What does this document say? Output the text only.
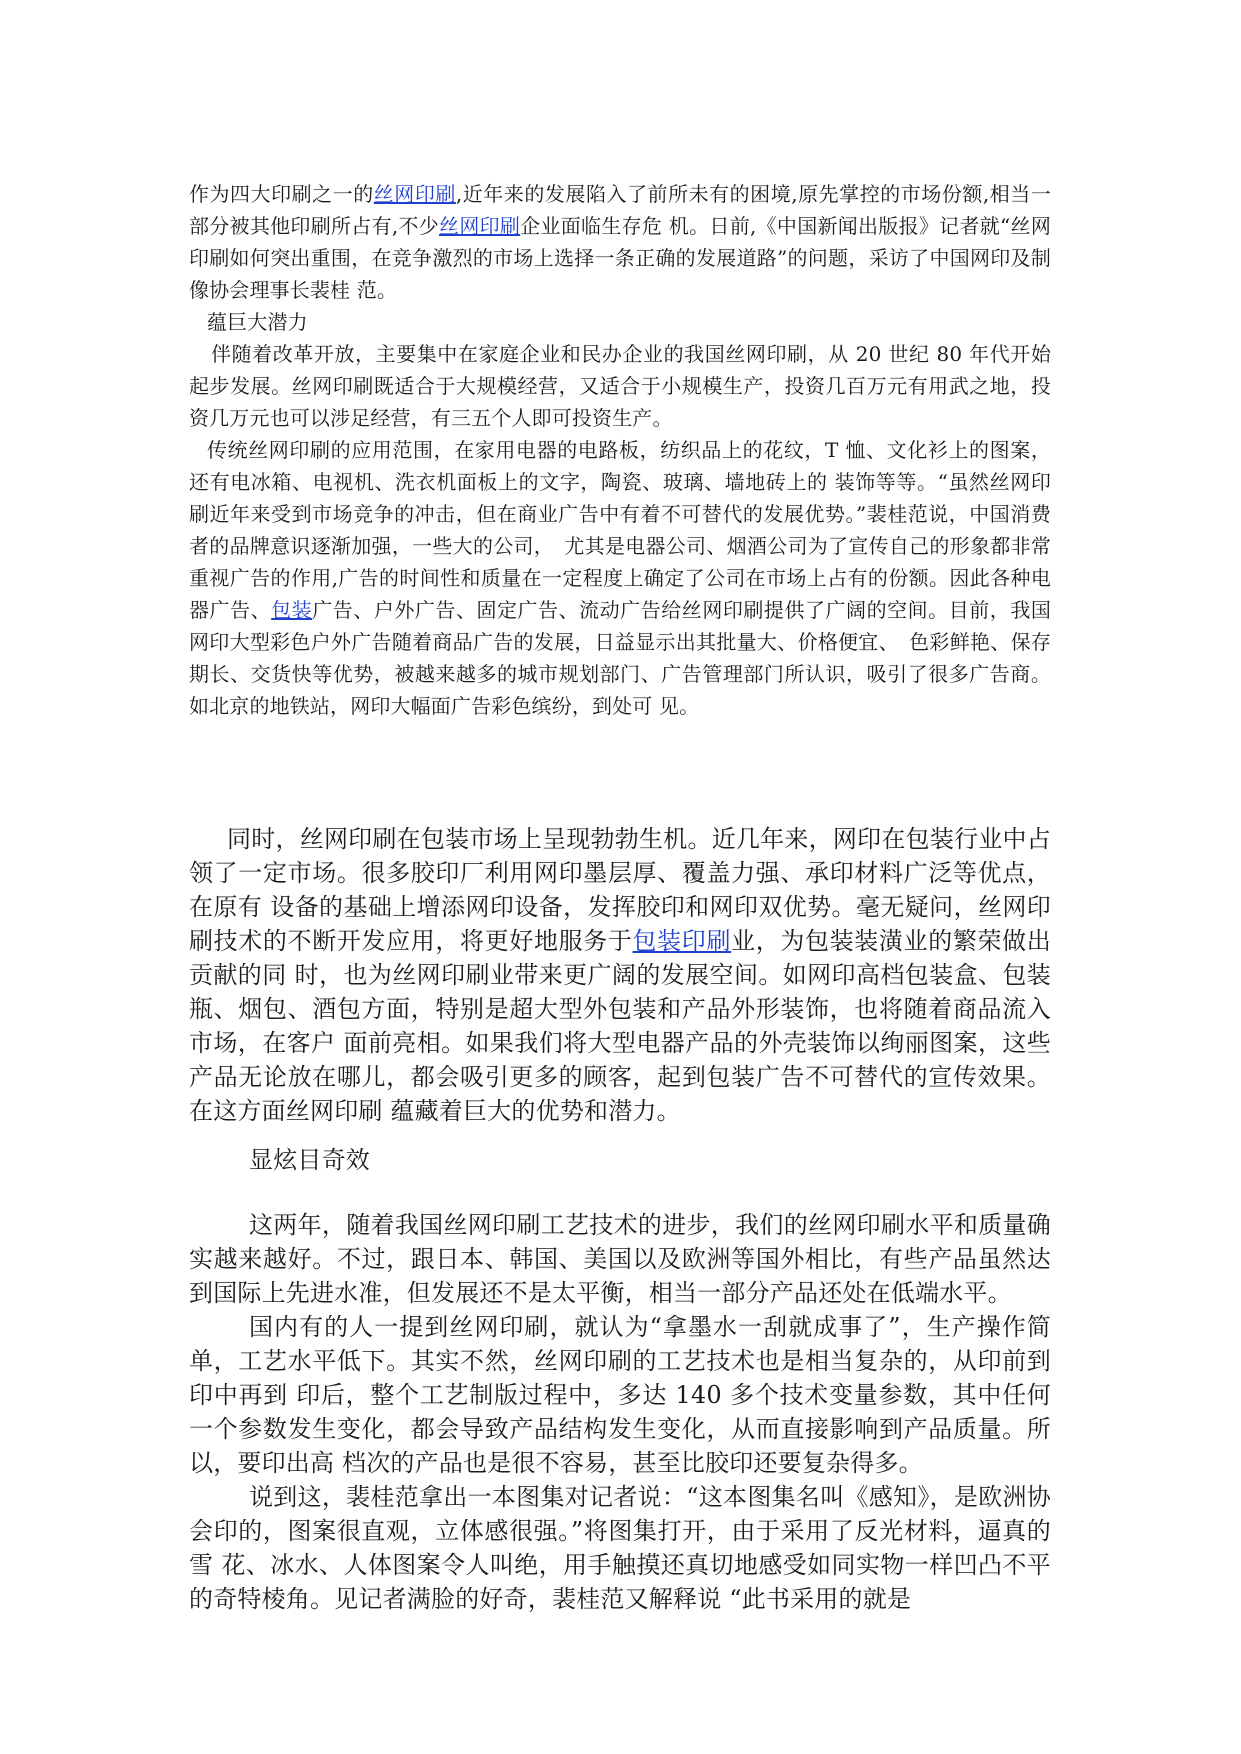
作为四大印刷之一的丝网印刷,近年来的发展陷入了前所未有的困境,原先掌控的市场份额,相当一部分被其他印刷所占有,不少丝网印刷企业面临生存危 机。日前,《中国新闻出版报》记者就“丝网印刷如何突出重围，在竞争激烈的市场上选择一条正确的发展道路”的问题，采访了中国网印及制像协会理事长裴桂 范。

蕴巨大潜力

伴随着改革开放，主要集中在家庭企业和民办企业的我国丝网印刷，从 20 世纪 80 年代开始起步发展。丝网印刷既适合于大规模经营，又适合于小规模生产，投资几百万元有用武之地，投资几万元也可以涉足经营，有三五个人即可投资生产。

传统丝网印刷的应用范围，在家用电器的电路板，纺织品上的花纹，T 恤、文化衫上的图案，还有电冰箱、电视机、洗衣机面板上的文字，陶瓷、玻璃、墙地砖上的 装饰等等。“虽然丝网印刷近年来受到市场竞争的冲击，但在商业广告中有着不可替代的发展优势。”裴桂范说，中国消费者的品牌意识逐渐加强，一些大的公司，　尤其是电器公司、烟酒公司为了宣传自己的形象都非常重视广告的作用,广告的时间性和质量在一定程度上确定了公司在市场上占有的份额。因此各种电器广告、包装广告、户外广告、固定广告、流动广告给丝网印刷提供了广阔的空间。目前，我国网印大型彩色户外广告随着商品广告的发展，日益显示出其批量大、价格便宜、　色彩鲜艳、保存期长、交货快等优势，被越来越多的城市规划部门、广告管理部门所认识，吸引了很多广告商。如北京的地铁站，网印大幅面广告彩色缤纷，到处可 见。

同时，丝网印刷在包装市场上呈现勃勃生机。近几年来，网印在包装行业中占领了一定市场。很多胶印厂利用网印墨层厚、覆盖力强、承印材料广泛等优点，在原有 设备的基础上增添网印设备，发挥胶印和网印双优势。毫无疑问，丝网印刷技术的不断开发应用，将更好地服务于包装印刷业，为包装装潢业的繁荣做出贡献的同 时，也为丝网印刷业带来更广阔的发展空间。如网印高档包装盒、包装瓶、烟包、酒包方面，特别是超大型外包装和产品外形装饰，也将随着商品流入市场，在客户 面前亮相。如果我们将大型电器产品的外壳装饰以绚丽图案，这些产品无论放在哪儿，都会吸引更多的顾客，起到包装广告不可替代的宣传效果。在这方面丝网印刷 蕴藏着巨大的优势和潜力。

显炫目奇效

这两年，随着我国丝网印刷工艺技术的进步，我们的丝网印刷水平和质量确实越来越好。不过，跟日本、韩国、美国以及欧洲等国外相比，有些产品虽然达到国际上先进水准，但发展还不是太平衡，相当一部分产品还处在低端水平。

国内有的人一提到丝网印刷，就认为“拿墨水一刮就成事了”，生产操作简单，工艺水平低下。其实不然，丝网印刷的工艺技术也是相当复杂的，从印前到印中再到 印后，整个工艺制版过程中，多达 140 多个技术变量参数，其中任何一个参数发生变化，都会导致产品结构发生变化，从而直接影响到产品质量。所以，要印出高 档次的产品也是很不容易，甚至比胶印还要复杂得多。

说到这，裴桂范拿出一本图集对记者说：“这本图集名叫《感知》，是欧洲协会印的，图案很直观，立体感很强。”将图集打开，由于采用了反光材料，逼真的雪 花、冰水、人体图案令人叫绝，用手触摸还真切地感受如同实物一样凹凸不平的奇特棱角。见记者满脸的好奇，裴桂范又解释说 “此书采用的就是
